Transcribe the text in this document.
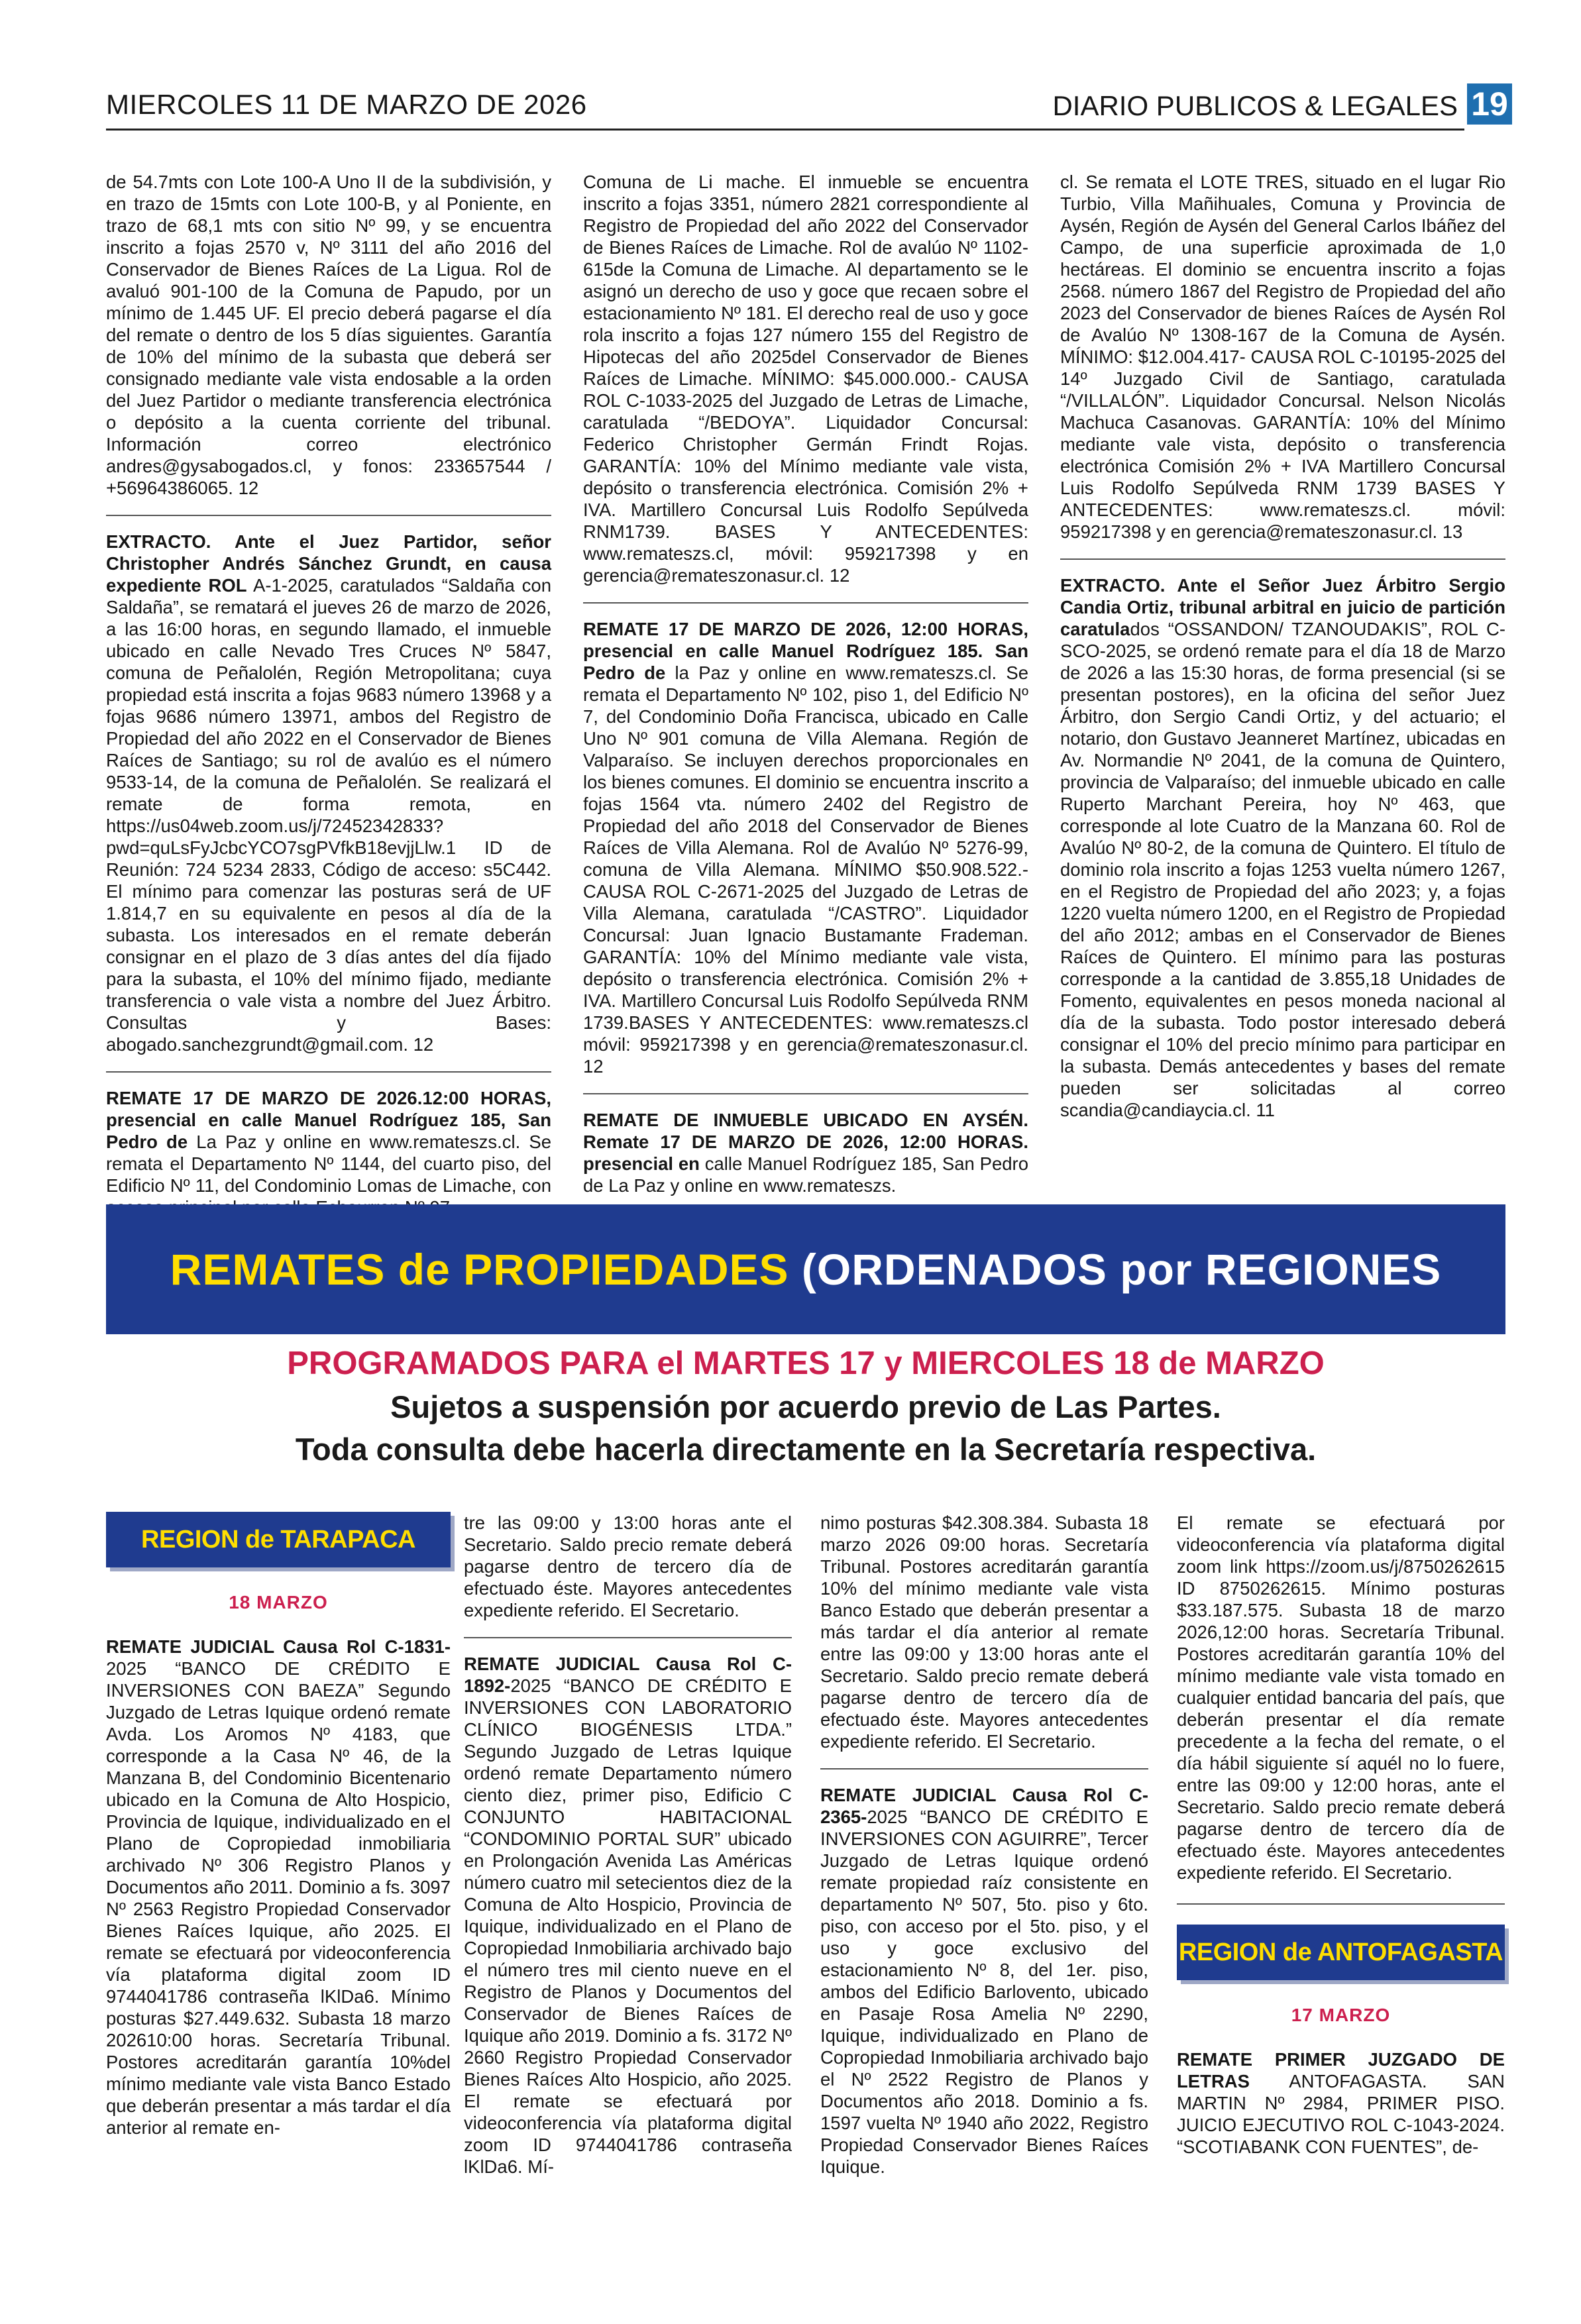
MIERCOLES 11 DE MARZO DE 2026	DIARIO PUBLICOS & LEGALES 19

de 54.7mts con Lote 100-A Uno II de la subdivisión, y en trazo de 15mts con Lote 100-B, y al Poniente, en trazo de 68,1 mts con sitio Nº 99, y se encuentra inscrito a fojas 2570 v, Nº 3111 del año 2016 del Conservador de Bienes Raíces de La Ligua. Rol de avaluó 901-100 de la Comuna de Papudo, por un mínimo de 1.445 UF. El precio deberá pagarse el día del remate o dentro de los 5 días siguientes. Garantía de 10% del mínimo de la subasta que deberá ser consignado mediante vale vista endosable a la orden del Juez Partidor o mediante transferencia electrónica o depósito a la cuenta corriente del tribunal. Información correo electrónico andres@gysabogados.cl, y fonos: 233657544 / +56964386065. 12

EXTRACTO. Ante el Juez Partidor, señor Christopher Andrés Sánchez Grundt, en causa expediente ROL A-1-2025, caratulados “Saldaña con Saldaña”, se rematará el jueves 26 de marzo de 2026, a las 16:00 horas, en segundo llamado, el inmueble ubicado en calle Nevado Tres Cruces Nº 5847, comuna de Peñalolén, Región Metropolitana; cuya propiedad está inscrita a fojas 9683 número 13968 y a fojas 9686 número 13971, ambos del Registro de Propiedad del año 2022 en el Conservador de Bienes Raíces de Santiago; su rol de avalúo es el número 9533-14, de la comuna de Peñalolén. Se realizará el remate de forma remota, en https://us04web.zoom.us/j/72452342833?pwd=quLsFyJcbcYCO7sgPVfkB18evjjLlw.1 ID de Reunión: 724 5234 2833, Código de acceso: s5C442. El mínimo para comenzar las posturas será de UF 1.814,7 en su equivalente en pesos al día de la subasta. Los interesados en el remate deberán consignar en el plazo de 3 días antes del día fijado para la subasta, el 10% del mínimo fijado, mediante transferencia o vale vista a nombre del Juez Árbitro. Consultas y Bases: abogado.sanchezgrundt@gmail.com. 12

REMATE 17 DE MARZO DE 2026.12:00 HORAS, presencial en calle Manuel Rodríguez 185, San Pedro de La Paz y online en www.remateszs.cl. Se remata el Departamento Nº 1144, del cuarto piso, del Edificio Nº 11, del Condominio Lomas de Limache, con

Comuna de Li mache. El inmueble se encuentra inscrito a fojas 3351, número 2821 correspondiente al Registro de Propiedad del año 2022 del Conservador de Bienes Raíces de Limache. Rol de avalúo Nº 1102-615de la Comuna de Limache. Al departamento se le asignó un derecho de uso y goce que recaen sobre el estacionamiento Nº 181. El derecho real de uso y goce rola inscrito a fojas 127 número 155 del Registro de Hipotecas del año 2025del Conservador de Bienes Raíces de Limache. MÍNIMO: $45.000.000.- CAUSA ROL C-1033-2025 del Juzgado de Letras de Limache, caratulada “/BEDOYA”. Liquidador Concursal: Federico Christopher Germán Frindt Rojas. GARANTÍA: 10% del Mínimo mediante vale vista, depósito o transferencia electrónica. Comisión 2% + IVA. Martillero Concursal Luis Rodolfo Sepúlveda RNM1739. BASES Y ANTECEDENTES: www.remateszs.cl, móvil: 959217398 y en gerencia@remateszonasur.cl. 12

REMATE 17 DE MARZO DE 2026, 12:00 HORAS, presencial en calle Manuel Rodríguez 185. San Pedro de la Paz y online en www.remateszs.cl. Se remata el Departamento Nº 102, piso 1, del Edificio Nº 7, del Condominio Doña Francisca, ubicado en Calle Uno Nº 901 comuna de Villa Alemana. Región de Valparaíso. Se incluyen derechos proporcionales en los bienes comunes. El dominio se encuentra inscrito a fojas 1564 vta. número 2402 del Registro de Propiedad del año 2018 del Conservador de Bienes Raíces de Villa Alemana. Rol de Avalúo Nº 5276-99, comuna de Villa Alemana. MÍNIMO $50.908.522.- CAUSA ROL C-2671-2025 del Juzgado de Letras de Villa Alemana, caratulada “/CASTRO”. Liquidador Concursal: Juan Ignacio Bustamante Frademan. GARANTÍA: 10% del Mínimo mediante vale vista, depósito o transferencia electrónica. Comisión 2% + IVA. Martillero Concursal Luis Rodolfo Sepúlveda RNM 1739.BASES Y ANTECEDENTES: www.remateszs.cl móvil: 959217398 y en gerencia@remateszonasur.cl. 12

REMATE DE INMUEBLE UBICADO EN AYSÉN. Remate 17 DE MARZO DE 2026, 12:00 HORAS. presencial en calle Manuel Rodríguez 185, San Pedro de La Paz y online en www.remateszs.

cl. Se remata el LOTE TRES, situado en el lugar Rio Turbio, Villa Mañihuales, Comuna y Provincia de Aysén, Región de Aysén del General Carlos Ibáñez del Campo, de una superficie aproximada de 1,0 hectáreas. El dominio se encuentra inscrito a fojas 2568. número 1867 del Registro de Propiedad del año 2023 del Conservador de bienes Raíces de Aysén Rol de Avalúo Nº 1308-167 de la Comuna de Aysén. MÍNIMO: $12.004.417- CAUSA ROL C-10195-2025 del 14º Juzgado Civil de Santiago, caratulada “/VILLALÓN”. Liquidador Concursal. Nelson Nicolás Machuca Casanovas. GARANTÍA: 10% del Mínimo mediante vale vista, depósito o transferencia electrónica Comisión 2% + IVA Martillero Concursal Luis Rodolfo Sepúlveda RNM 1739 BASES Y ANTECEDENTES: www.remateszs.cl. móvil: 959217398 y en gerencia@remateszonasur.cl. 13

EXTRACTO. Ante el Señor Juez Árbitro Sergio Candia Ortiz, tribunal arbitral en juicio de partición caratulados “OSSANDON/ TZANOUDAKIS”, ROL C-SCO-2025, se ordenó remate para el día 18 de Marzo de 2026 a las 15:30 horas, de forma presencial (si se presentan postores), en la oficina del señor Juez Árbitro, don Sergio Candi Ortiz, y del actuario; el notario, don Gustavo Jeanneret Martínez, ubicadas en Av. Normandie Nº 2041, de la comuna de Quintero, provincia de Valparaíso; del inmueble ubicado en calle Ruperto Marchant Pereira, hoy Nº 463, que corresponde al lote Cuatro de la Manzana 60. Rol de Avalúo Nº 80-2, de la comuna de Quintero. El título de dominio rola inscrito a fojas 1253 vuelta número 1267, en el Registro de Propiedad del año 2023; y, a fojas 1220 vuelta número 1200, en el Registro de Propiedad del año 2012; ambas en el Conservador de Bienes Raíces de Quintero. El mínimo para las posturas corresponde a la cantidad de 3.855,18 Unidades de Fomento, equivalentes en pesos moneda nacional al día de la subasta. Todo postor interesado deberá consignar el 10% del precio mínimo para participar en la subasta. Demás antecedentes y bases del remate pueden ser solicitadas al correo scandia@candiaycia.cl. 11

REMATES de PROPIEDADES (ORDENADOS por REGIONES
PROGRAMADOS PARA el MARTES 17 y MIERCOLES 18 de MARZO
Sujetos a suspensión por acuerdo previo de Las Partes.
Toda consulta debe hacerla directamente en la Secretaría respectiva.
REGION de TARAPACA
18 MARZO

REMATE JUDICIAL Causa Rol C-1831-2025 “BANCO DE CRÉDITO E INVERSIONES CON BAEZA” Segundo Juzgado de Letras Iquique ordenó remate Avda. Los Aromos Nº 4183, que corresponde a la Casa Nº 46, de la Manzana B, del Condominio Bicentenario ubicado en la Comuna de Alto Hospicio, Provincia de Iquique, individualizado en el Plano de Copropiedad inmobiliaria archivado Nº 306 Registro Planos y Documentos año 2011. Dominio a fs. 3097 Nº 2563 Registro Propiedad Conservador Bienes Raíces Iquique, año 2025. El remate se efectuará por videoconferencia vía plataforma digital zoom ID 9744041786 contraseña lKlDa6. Mínimo posturas $27.449.632. Subasta 18 marzo 202610:00 horas. Secretaría Tribunal. Postores acreditarán garantía 10%del mínimo mediante vale vista Banco Estado que deberán presentar a más tardar el día anterior al remate en-

tre las 09:00 y 13:00 horas ante el Secretario. Saldo precio remate deberá pagarse dentro de tercero día de efectuado éste. Mayores antecedentes expediente referido. El Secretario.

REMATE JUDICIAL Causa Rol C-1892-2025 “BANCO DE CRÉDITO E INVERSIONES CON LABORATORIO CLÍNICO BIOGÉNESIS LTDA.” Segundo Juzgado de Letras Iquique ordenó remate Departamento número ciento diez, primer piso, Edificio C CONJUNTO HABITACIONAL “CONDOMINIO PORTAL SUR” ubicado en Prolongación Avenida Las Américas número cuatro mil setecientos diez de la Comuna de Alto Hospicio, Provincia de Iquique, individualizado en el Plano de Copropiedad Inmobiliaria archivado bajo el número tres mil ciento nueve en el Registro de Planos y Documentos del Conservador de Bienes Raíces de Iquique año 2019. Dominio a fs. 3172 Nº 2660 Registro Propiedad Conservador Bienes Raíces Alto Hospicio, año 2025. El remate se efectuará por videoconferencia vía plataforma digital zoom ID 9744041786 contraseña lKlDa6. Mí-

nimo posturas $42.308.384. Subasta 18 marzo 2026 09:00 horas. Secretaría Tribunal. Postores acreditarán garantía 10% del mínimo mediante vale vista Banco Estado que deberán presentar a más tardar el día anterior al remate entre las 09:00 y 13:00 horas ante el Secretario. Saldo precio remate deberá pagarse dentro de tercero día de efectuado éste. Mayores antecedentes expediente referido. El Secretario.

REMATE JUDICIAL Causa Rol C-2365-2025 “BANCO DE CRÉDITO E INVERSIONES CON AGUIRRE”, Tercer Juzgado de Letras Iquique ordenó remate propiedad raíz consistente en departamento Nº 507, 5to. piso y 6to. piso, con acceso por el 5to. piso, y el uso y goce exclusivo del estacionamiento Nº 8, del 1er. piso, ambos del Edificio Barlovento, ubicado en Pasaje Rosa Amelia Nº 2290, Iquique, individualizado en Plano de Copropiedad Inmobiliaria archivado bajo el Nº 2522 Registro de Planos y Documentos año 2018. Dominio a fs. 1597 vuelta Nº 1940 año 2022, Registro Propiedad Conservador Bienes Raíces Iquique.

El remate se efectuará por videoconferencia vía plataforma digital zoom link https://zoom.us/j/8750262615 ID 8750262615. Mínimo posturas $33.187.575. Subasta 18 de marzo 2026,12:00 horas. Secretaría Tribunal. Postores acreditarán garantía 10% del mínimo mediante vale vista tomado en cualquier entidad bancaria del país, que deberán presentar el día remate precedente a la fecha del remate, o el día hábil siguiente sí aquél no lo fuere, entre las 09:00 y 12:00 horas, ante el Secretario. Saldo precio remate deberá pagarse dentro de tercero día de efectuado éste. Mayores antecedentes expediente referido. El Secretario.

REGION de ANTOFAGASTA
17 MARZO

REMATE PRIMER JUZGADO DE LETRAS ANTOFAGASTA. SAN MARTIN Nº 2984, PRIMER PISO. JUICIO EJECUTIVO ROL C-1043-2024. “SCOTIABANK CON FUENTES”, de-
